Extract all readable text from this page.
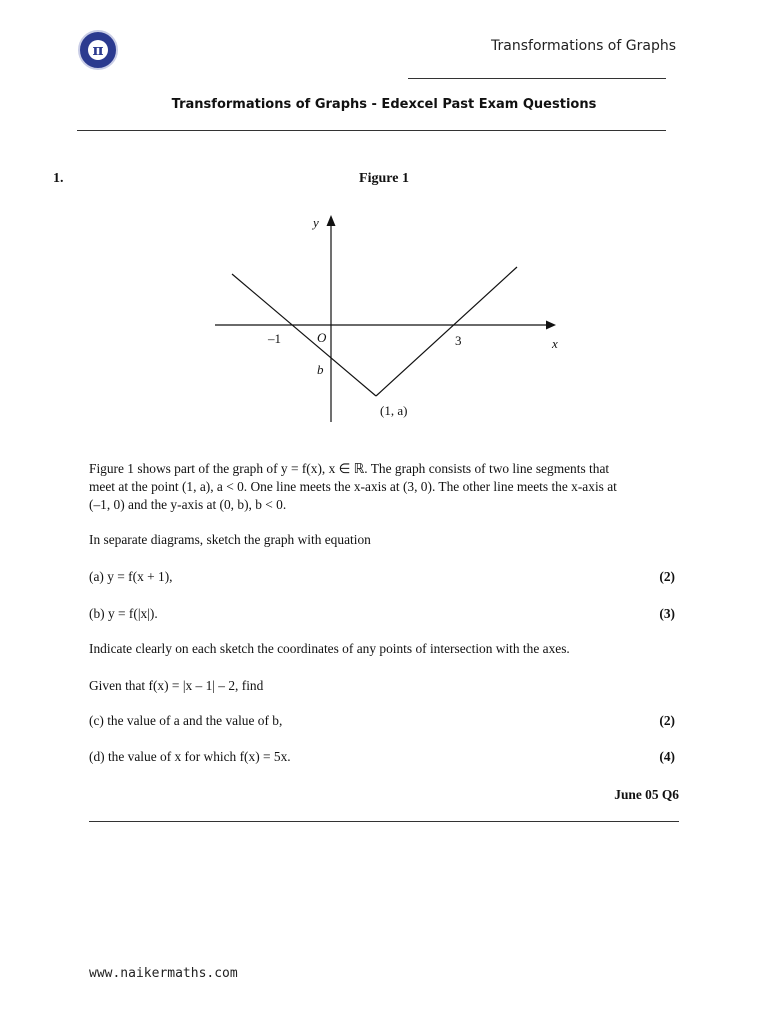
π	Transformations of Graphs
Transformations of Graphs - Edexcel Past Exam Questions
1.	Figure 1
y
x
O
–1	3
b
(1, a)
Figure 1 shows part of the graph of y = f(x), x ∈ ℝ. The graph consists of two line segments that
meet at the point (1, a), a < 0. One line meets the x-axis at (3, 0). The other line meets the x-axis at
(–1, 0) and the y-axis at (0, b), b < 0.
In separate diagrams, sketch the graph with equation
(a) y = f(x + 1),	(2)
(b) y = f(|x|).	(3)
Indicate clearly on each sketch the coordinates of any points of intersection with the axes.
Given that f(x) = |x – 1| – 2, find
(c) the value of a and the value of b,	(2)
(d) the value of x for which f(x) = 5x.	(4)
June 05 Q6
www.naikermaths.com
